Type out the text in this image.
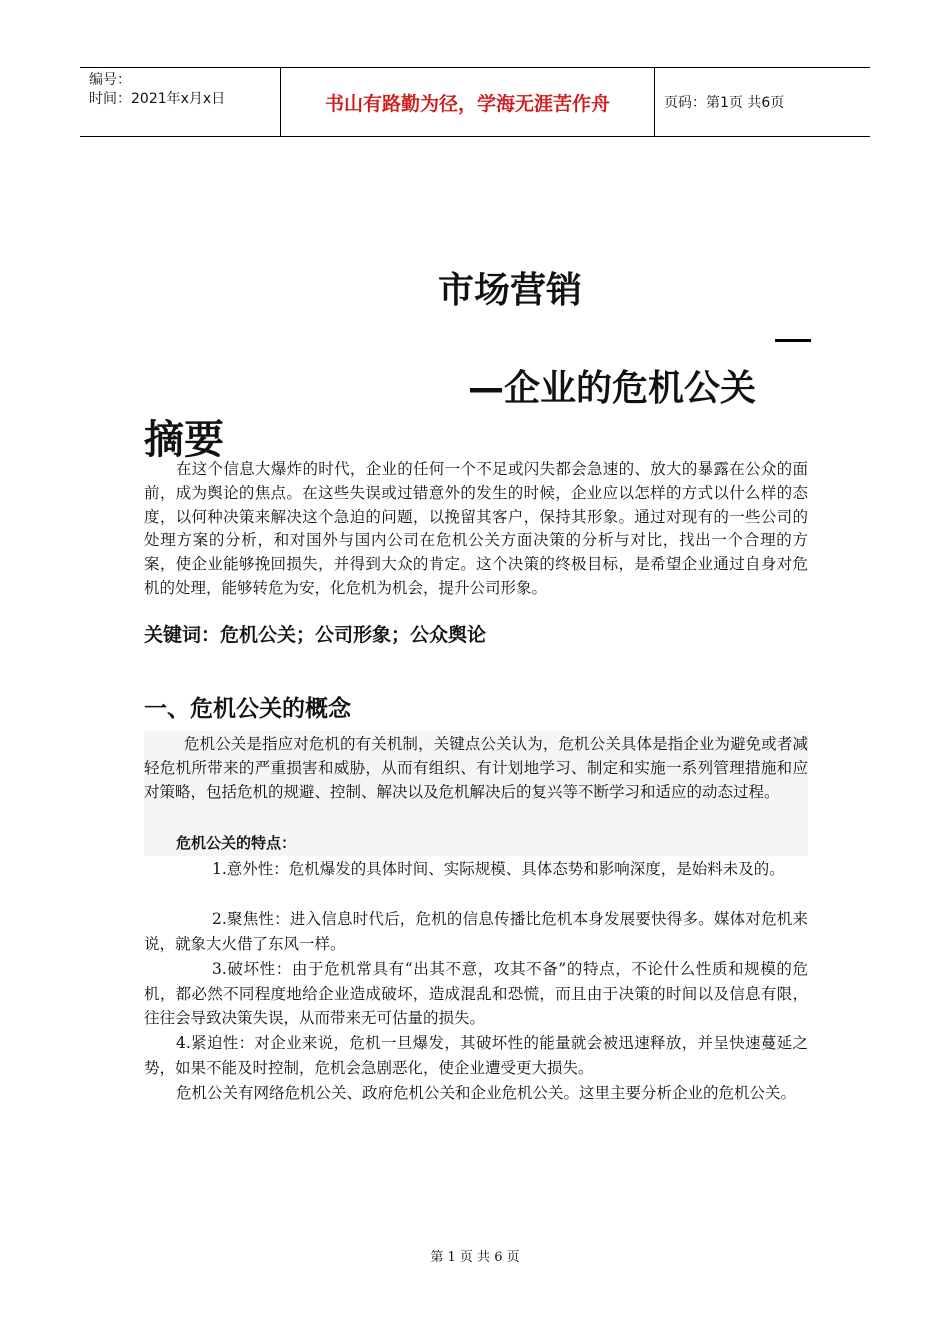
编号：
时间：2021年x月x日	书山有路勤为径，学海无涯苦作舟	页码：第1页 共6页
市场营销
—企业的危机公关
摘要

在这个信息大爆炸的时代，企业的任何一个不足或闪失都会急速的、放大的暴露在公众的面前，成为舆论的焦点。在这些失误或过错意外的发生的时候，企业应以怎样的方式以什么样的态度，以何种决策来解决这个急迫的问题，以挽留其客户，保持其形象。通过对现有的一些公司的处理方案的分析，和对国外与国内公司在危机公关方面决策的分析与对比，找出一个合理的方案，使企业能够挽回损失，并得到大众的肯定。这个决策的终极目标，是希望企业通过自身对危机的处理，能够转危为安，化危机为机会，提升公司形象。

关键词：危机公关；公司形象；公众舆论
一、危机公关的概念

危机公关是指应对危机的有关机制，关键点公关认为，危机公关具体是指企业为避免或者减轻危机所带来的严重损害和威胁，从而有组织、有计划地学习、制定和实施一系列管理措施和应对策略，包括危机的规避、控制、解决以及危机解决后的复兴等不断学习和适应的动态过程。

危机公关的特点：

1.意外性：危机爆发的具体时间、实际规模、具体态势和影响深度，是始料未及的。

2.聚焦性：进入信息时代后，危机的信息传播比危机本身发展要快得多。媒体对危机来说，就象大火借了东风一样。

3.破坏性：由于危机常具有“出其不意，攻其不备”的特点，不论什么性质和规模的危机，都必然不同程度地给企业造成破坏，造成混乱和恐慌，而且由于决策的时间以及信息有限，往往会导致决策失误，从而带来无可估量的损失。

4.紧迫性：对企业来说，危机一旦爆发，其破坏性的能量就会被迅速释放，并呈快速蔓延之势，如果不能及时控制，危机会急剧恶化，使企业遭受更大损失。

危机公关有网络危机公关、政府危机公关和企业危机公关。这里主要分析企业的危机公关。

第 1 页 共 6 页
